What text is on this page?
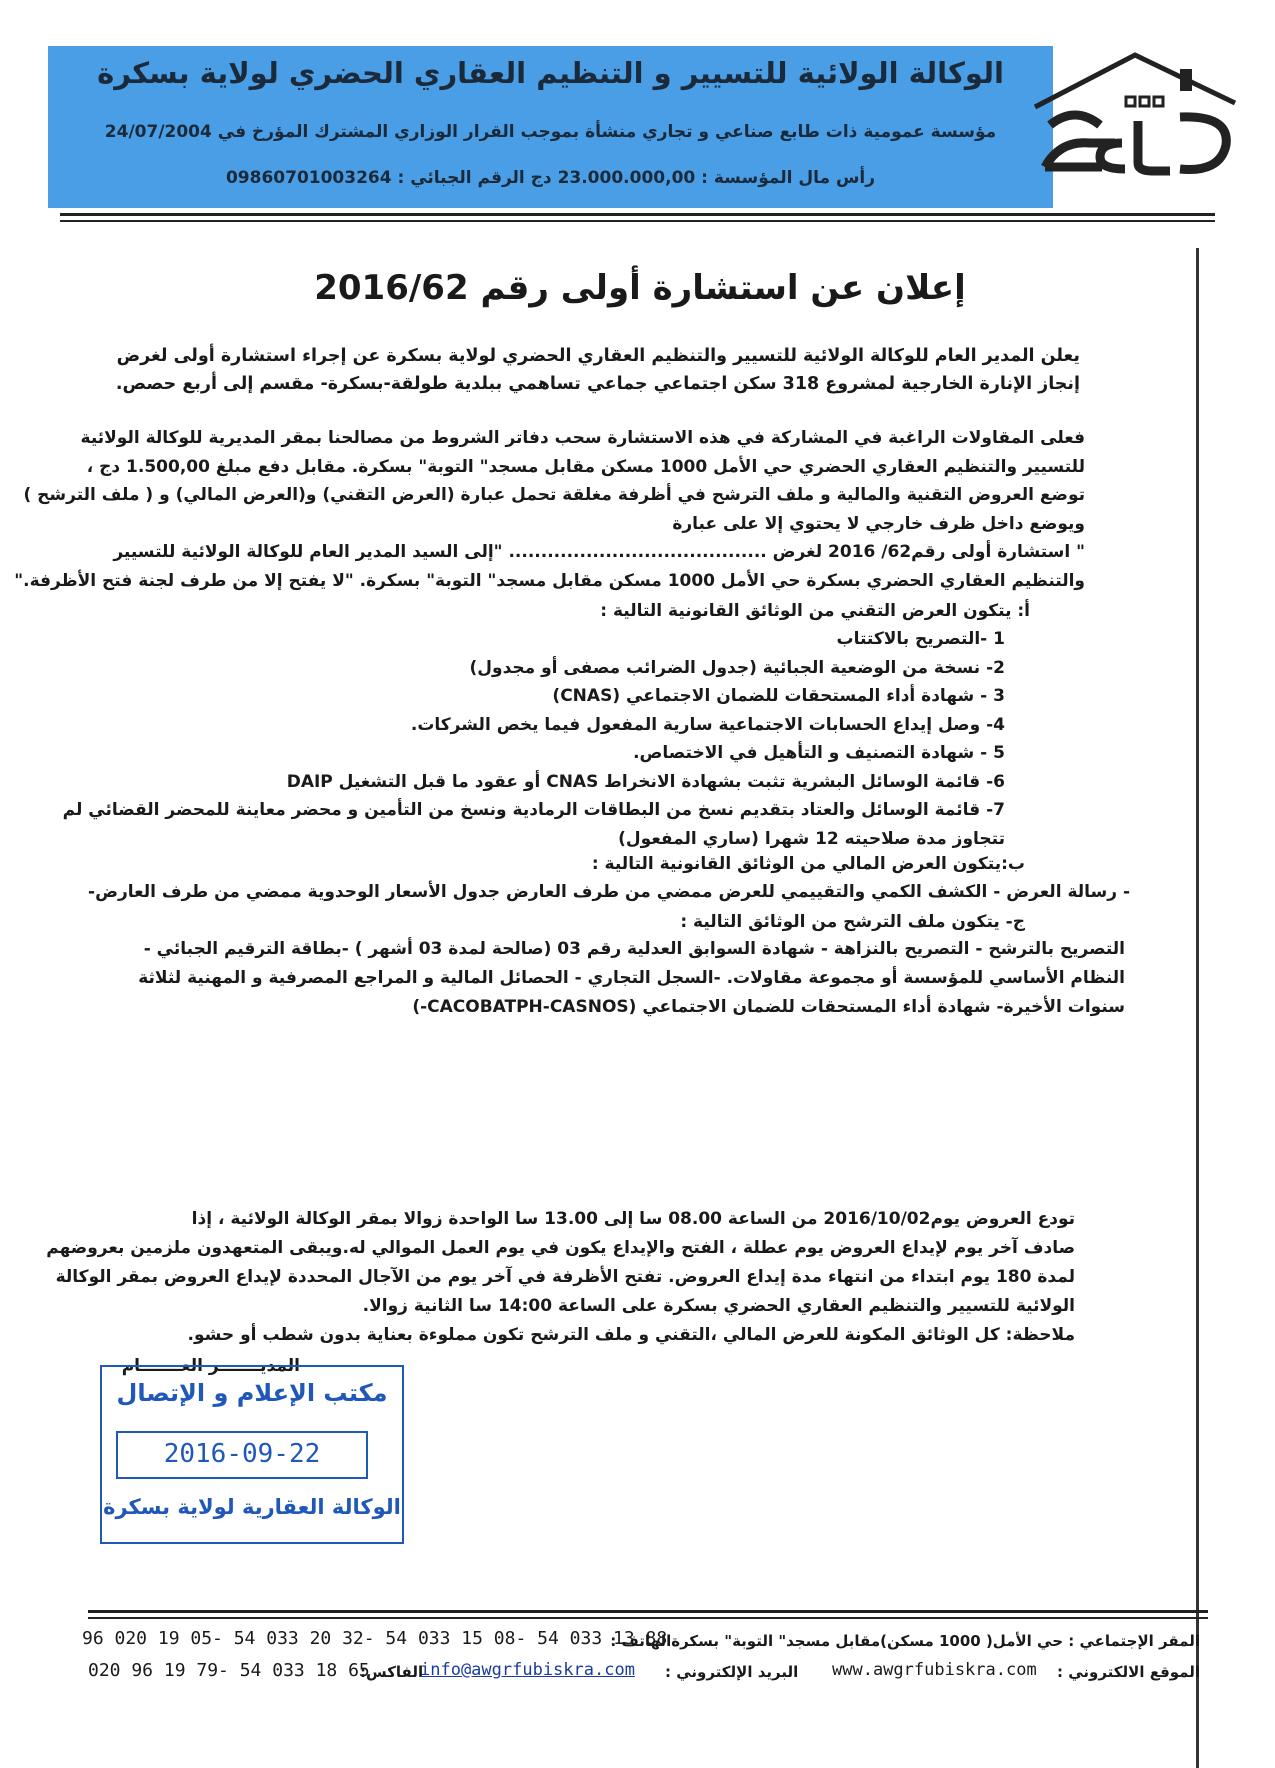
الوكالة الولائية للتسيير و التنظيم العقاري الحضري لولاية بسكرة
مؤسسة عمومية ذات طابع صناعي و تجاري منشأة بموجب القرار الوزاري المشترك المؤرخ في 24/07/2004
رأس مال المؤسسة : 23.000.000,00 دج الرقم الجبائي : 09860701003264
إعلان عن استشارة أولى رقم 2016/62

يعلن المدير العام للوكالة الولائية للتسيير والتنظيم العقاري الحضري لولاية بسكرة عن إجراء استشارة أولى لغرض

إنجاز الإنارة الخارجية لمشروع 318 سكن اجتماعي جماعي تساهمي ببلدية طولقة-بسكرة- مقسم إلى أربع حصص.

فعلى المقاولات الراغبة في المشاركة في هذه الاستشارة سحب دفاتر الشروط من مصالحنا بمقر المديرية للوكالة الولائية

للتسيير والتنظيم العقاري الحضري حي الأمل 1000 مسكن مقابل مسجد" التوبة" بسكرة. مقابل دفع مبلغ 1.500,00 دج ،

توضع العروض التقنية والمالية و ملف الترشح في أظرفة مغلقة تحمل عبارة (العرض التقني) و(العرض المالي) و ( ملف الترشح )

ويوضع داخل ظرف خارجي لا يحتوي إلا على عبارة

" استشارة أولى رقم62/ 2016 لغرض ........................................ "إلى السيد المدير العام للوكالة الولائية للتسيير

والتنظيم العقاري الحضري بسكرة حي الأمل 1000 مسكن مقابل مسجد" التوبة" بسكرة. "لا يفتح إلا من طرف لجنة فتح الأظرفة."

أ: يتكون العرض التقني من الوثائق القانونية التالية :

1 -التصريح بالاكتتاب

2- نسخة من الوضعية الجبائية (جدول الضرائب مصفى أو مجدول)

3 - شهادة أداء المستحقات للضمان الاجتماعي (CNAS)

4- وصل إيداع الحسابات الاجتماعية سارية المفعول فيما يخص الشركات.

5 - شهادة التصنيف و التأهيل في الاختصاص.

6- قائمة الوسائل البشرية تثبت بشهادة الانخراط CNAS أو عقود ما قبل التشغيل DAIP

7- قائمة الوسائل والعتاد بتقديم نسخ من البطاقات الرمادية ونسخ من التأمين و محضر معاينة للمحضر القضائي لم

تتجاوز مدة صلاحيته 12 شهرا (ساري المفعول)

ب:يتكون العرض المالي من الوثائق القانونية التالية :
- رسالة العرض - الكشف الكمي والتقييمي للعرض ممضي من طرف العارض جدول الأسعار الوحدوية ممضي من طرف العارض-
ج- يتكون ملف الترشح من الوثائق التالية :

التصريح بالترشح - التصريح بالنزاهة - شهادة السوابق العدلية رقم 03 (صالحة لمدة 03 أشهر ) -بطاقة الترقيم الجبائي -

النظام الأساسي للمؤسسة أو مجموعة مقاولات. -السجل التجاري - الحصائل المالية و المراجع المصرفية و المهنية لثلاثة

سنوات الأخيرة- شهادة أداء المستحقات للضمان الاجتماعي (CACOBATPH-CASNOS-)

تودع العروض يوم2016/10/02 من الساعة 08.00 سا إلى 13.00 سا الواحدة زوالا بمقر الوكالة الولائية ، إذا

صادف آخر يوم لإيداع العروض يوم عطلة ، الفتح والإيداع يكون في يوم العمل الموالي له.ويبقى المتعهدون ملزمين بعروضهم

لمدة 180 يوم ابتداء من انتهاء مدة إيداع العروض. تفتح الأظرفة في آخر يوم من الآجال المحددة لإيداع العروض بمقر الوكالة

الولائية للتسيير والتنظيم العقاري الحضري بسكرة على الساعة 14:00 سا الثانية زوالا.

ملاحظة: كل الوثائق المكونة للعرض المالي ،التقني و ملف الترشح تكون مملوءة بعناية بدون شطب أو حشو.

المديـــــــر العـــــــام
مكتب الإعلام و الإتصال
2016-09-22
الوكالة العقارية لولاية بسكرة
96 020 19 05- 54 033 20 32- 54 033 15 08- 54 033 13 88
المقر الإجتماعي : حي الأمل( 1000 مسكن)مقابل مسجد" التوبة" بسكرةالهاتف :
020 96 19 79- 54 033 18 65
الفاكس:
info@awgrfubiskra.com البريد الإلكتروني : www.awgrfubiskra.com الموقع الالكتروني :
